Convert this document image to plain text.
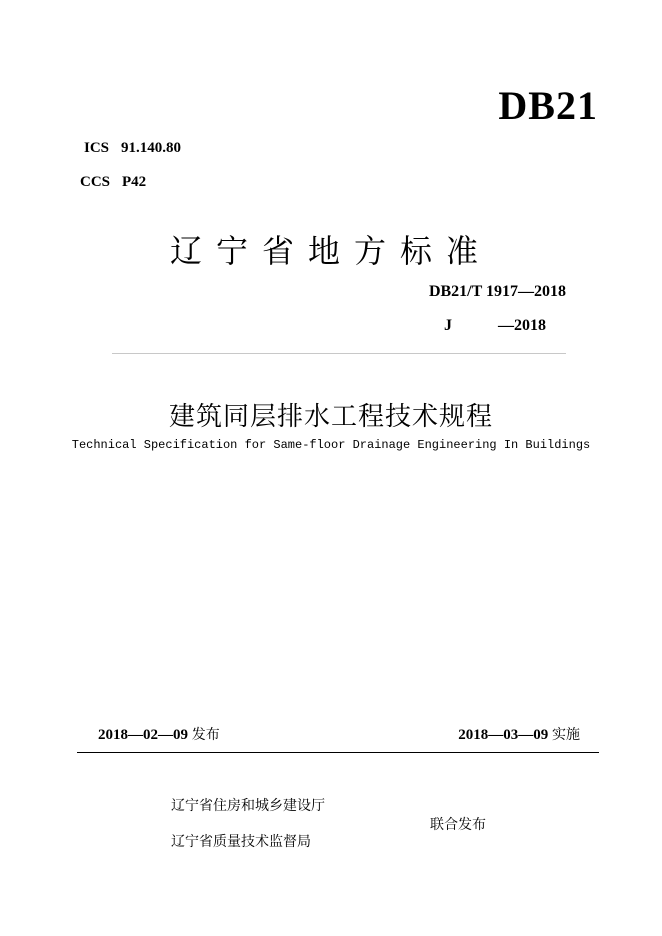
DB21
ICS 91.140.80
CCS P42
辽宁省地方标准
DB21/T 1917—2018
J	—2018
建筑同层排水工程技术规程
Technical Specification for Same-floor Drainage Engineering In Buildings
2018—02—09 发布	2018—03—09 实施
辽宁省住房和城乡建设厅
辽宁省质量技术监督局
联合发布
